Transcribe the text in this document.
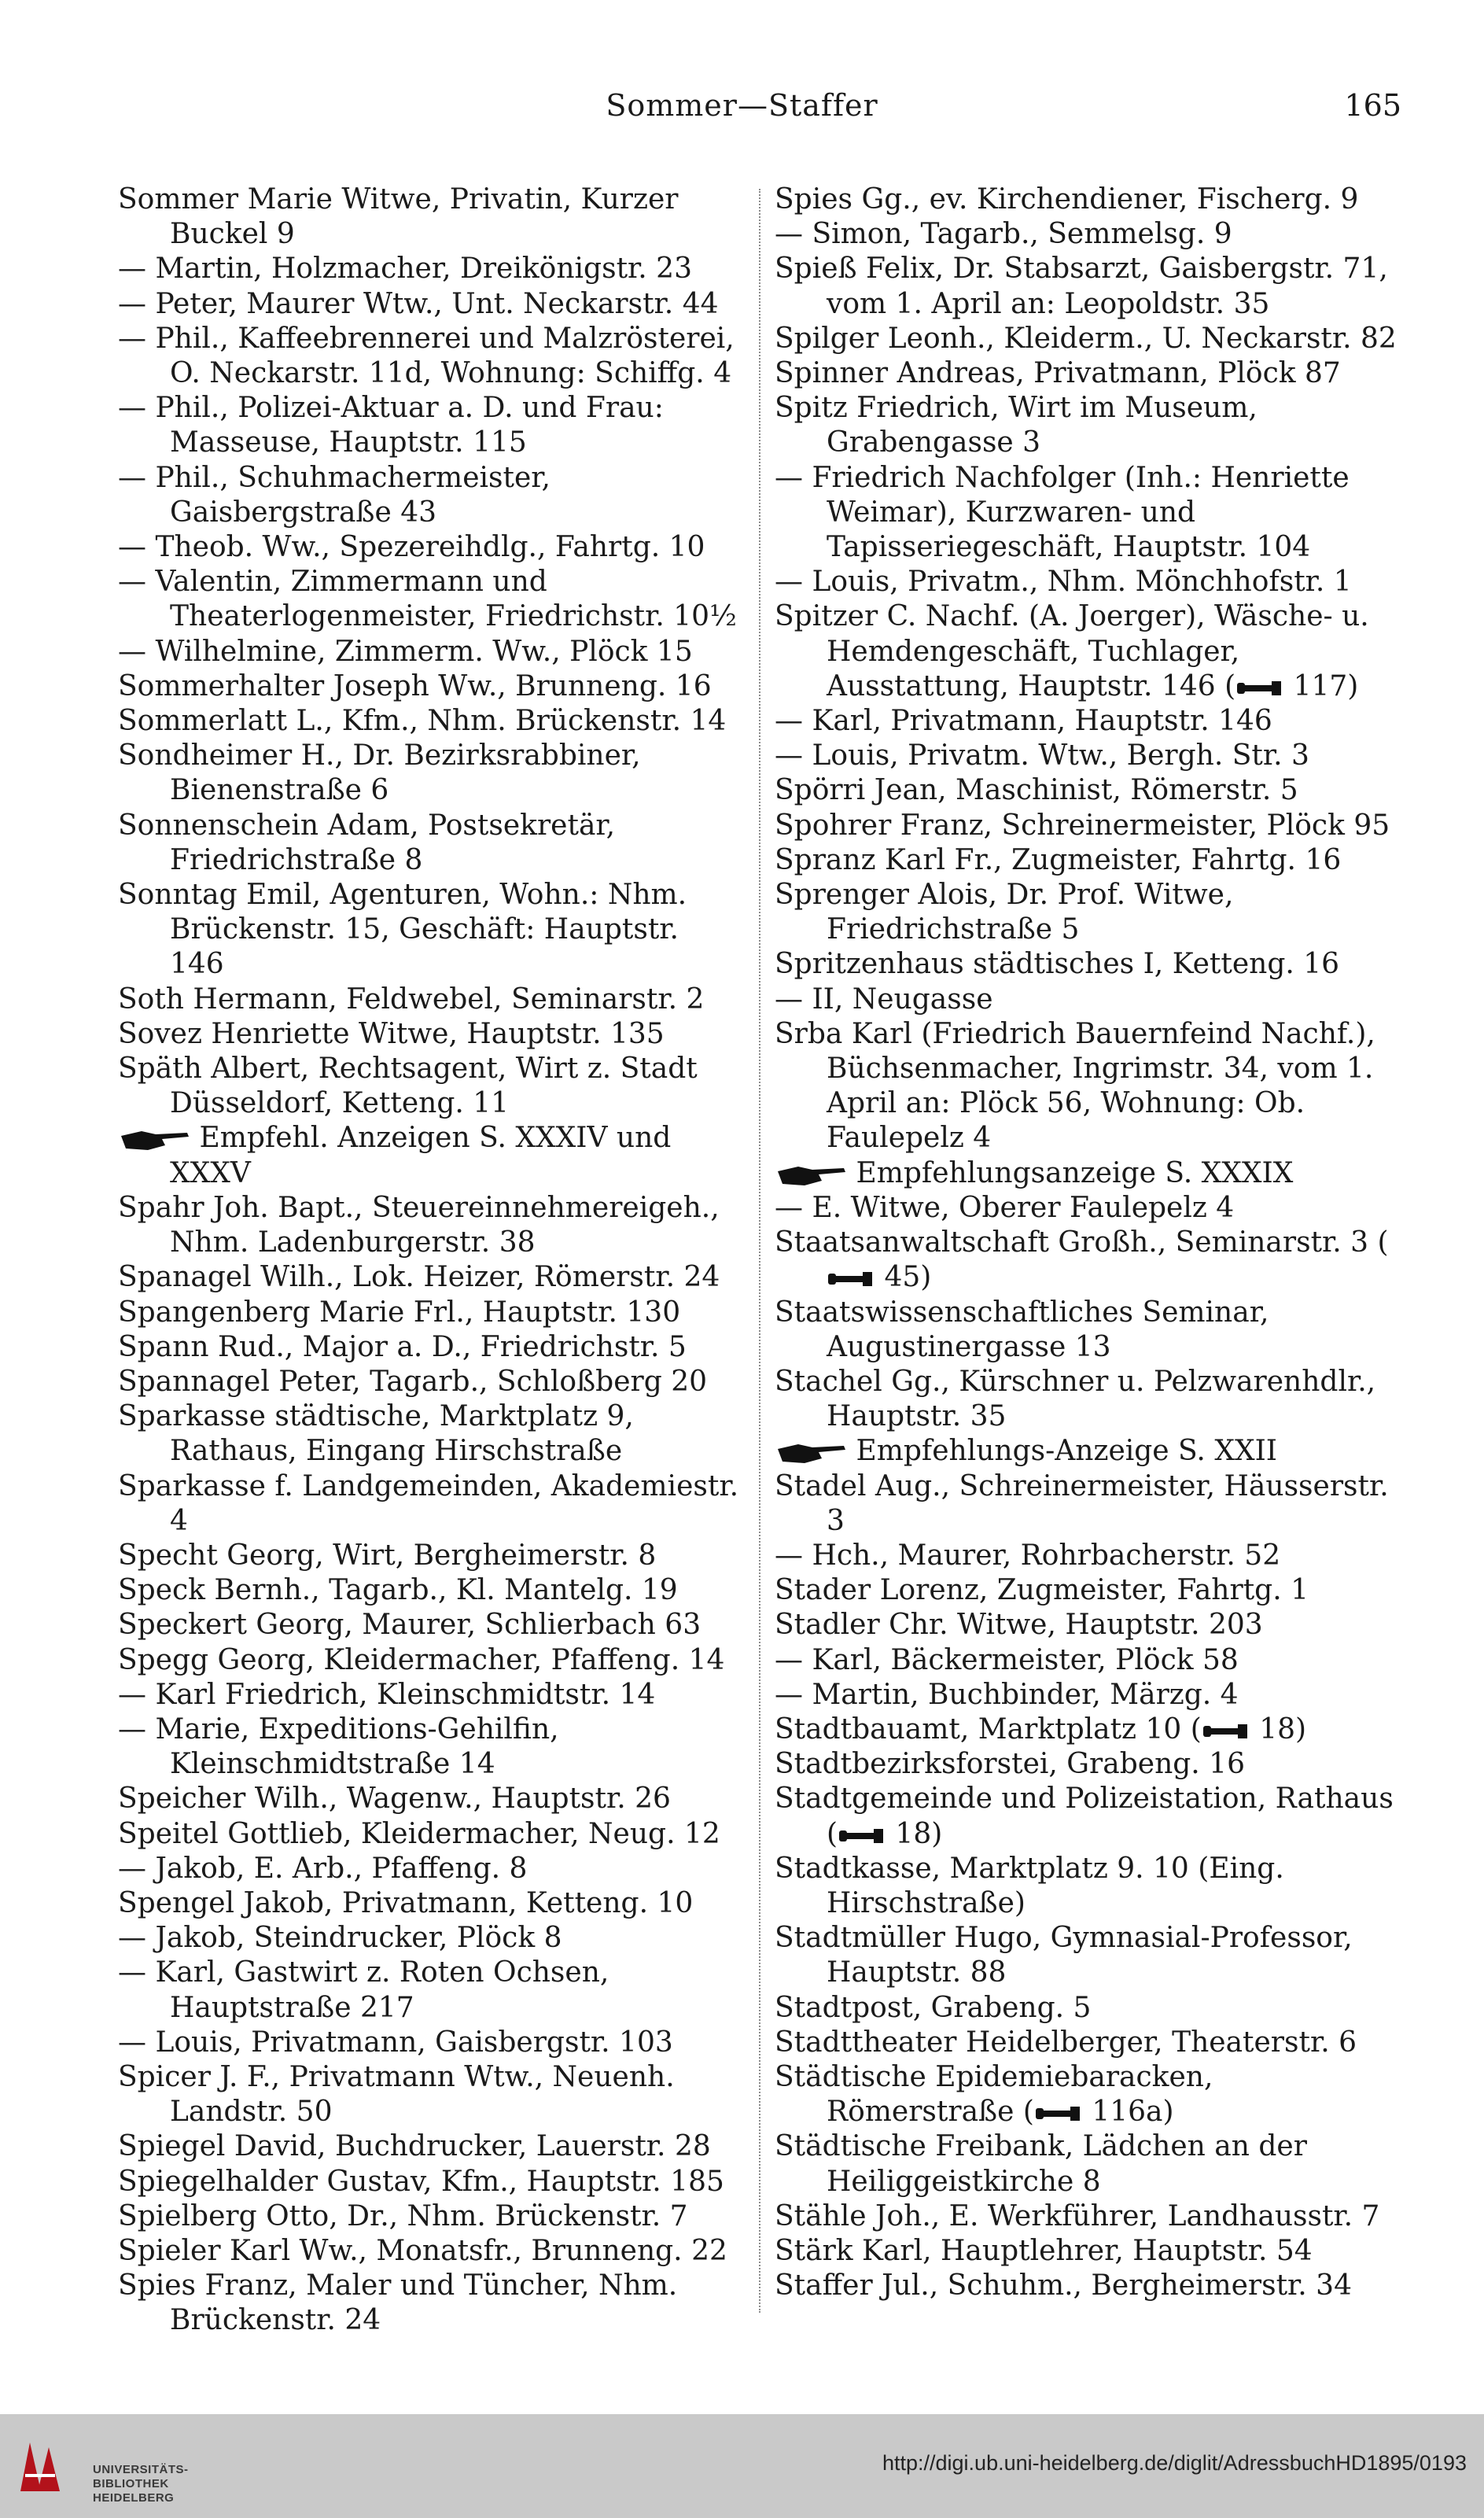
Sommer—Staffer	165

Sommer Marie Witwe, Privatin, Kurzer Buckel 9

— Martin, Holzmacher, Dreikönigstr. 23

— Peter, Maurer Wtw., Unt. Neckarstr. 44

— Phil., Kaffeebrennerei und Malzrösterei, O. Neckarstr. 11d, Wohnung: Schiffg. 4

— Phil., Polizei-Aktuar a. D. und Frau: Masseuse, Hauptstr. 115

— Phil., Schuhmachermeister, Gaisbergstraße 43

— Theob. Ww., Spezereihdlg., Fahrtg. 10

— Valentin, Zimmermann und Theaterlogenmeister, Friedrichstr. 10½

— Wilhelmine, Zimmerm. Ww., Plöck 15

Sommerhalter Joseph Ww., Brunneng. 16

Sommerlatt L., Kfm., Nhm. Brückenstr. 14

Sondheimer H., Dr. Bezirksrabbiner, Bienenstraße 6

Sonnenschein Adam, Postsekretär, Friedrichstraße 8

Sonntag Emil, Agenturen, Wohn.: Nhm. Brückenstr. 15, Geschäft: Hauptstr. 146

Soth Hermann, Feldwebel, Seminarstr. 2

Sovez Henriette Witwe, Hauptstr. 135

Späth Albert, Rechtsagent, Wirt z. Stadt Düsseldorf, Ketteng. 11

Empfehl. Anzeigen S. XXXIV und XXXV

Spahr Joh. Bapt., Steuereinnehmereigeh., Nhm. Ladenburgerstr. 38

Spanagel Wilh., Lok. Heizer, Römerstr. 24

Spangenberg Marie Frl., Hauptstr. 130

Spann Rud., Major a. D., Friedrichstr. 5

Spannagel Peter, Tagarb., Schloßberg 20

Sparkasse städtische, Marktplatz 9, Rathaus, Eingang Hirschstraße

Sparkasse f. Landgemeinden, Akademiestr. 4

Specht Georg, Wirt, Bergheimerstr. 8

Speck Bernh., Tagarb., Kl. Mantelg. 19

Speckert Georg, Maurer, Schlierbach 63

Spegg Georg, Kleidermacher, Pfaffeng. 14

— Karl Friedrich, Kleinschmidtstr. 14

— Marie, Expeditions-Gehilfin, Kleinschmidtstraße 14

Speicher Wilh., Wagenw., Hauptstr. 26

Speitel Gottlieb, Kleidermacher, Neug. 12

— Jakob, E. Arb., Pfaffeng. 8

Spengel Jakob, Privatmann, Ketteng. 10

— Jakob, Steindrucker, Plöck 8

— Karl, Gastwirt z. Roten Ochsen, Hauptstraße 217

— Louis, Privatmann, Gaisbergstr. 103

Spicer J. F., Privatmann Wtw., Neuenh. Landstr. 50

Spiegel David, Buchdrucker, Lauerstr. 28

Spiegelhalder Gustav, Kfm., Hauptstr. 185

Spielberg Otto, Dr., Nhm. Brückenstr. 7

Spieler Karl Ww., Monatsfr., Brunneng. 22

Spies Franz, Maler und Tüncher, Nhm. Brückenstr. 24

Spies Gg., ev. Kirchendiener, Fischerg. 9

— Simon, Tagarb., Semmelsg. 9

Spieß Felix, Dr. Stabsarzt, Gaisbergstr. 71, vom 1. April an: Leopoldstr. 35

Spilger Leonh., Kleiderm., U. Neckarstr. 82

Spinner Andreas, Privatmann, Plöck 87

Spitz Friedrich, Wirt im Museum, Grabengasse 3

— Friedrich Nachfolger (Inh.: Henriette Weimar), Kurzwaren- und Tapisseriegeschäft, Hauptstr. 104

— Louis, Privatm., Nhm. Mönchhofstr. 1

Spitzer C. Nachf. (A. Joerger), Wäsche- u. Hemdengeschäft, Tuchlager, Ausstattung, Hauptstr. 146 ( 117)

— Karl, Privatmann, Hauptstr. 146

— Louis, Privatm. Wtw., Bergh. Str. 3

Spörri Jean, Maschinist, Römerstr. 5

Spohrer Franz, Schreinermeister, Plöck 95

Spranz Karl Fr., Zugmeister, Fahrtg. 16

Sprenger Alois, Dr. Prof. Witwe, Friedrichstraße 5

Spritzenhaus städtisches I, Ketteng. 16

— II, Neugasse

Srba Karl (Friedrich Bauernfeind Nachf.), Büchsenmacher, Ingrimstr. 34, vom 1. April an: Plöck 56, Wohnung: Ob. Faulepelz 4

Empfehlungsanzeige S. XXXIX

— E. Witwe, Oberer Faulepelz 4

Staatsanwaltschaft Großh., Seminarstr. 3 ( 45)

Staatswissenschaftliches Seminar, Augustinergasse 13

Stachel Gg., Kürschner u. Pelzwarenhdlr., Hauptstr. 35

Empfehlungs-Anzeige S. XXII

Stadel Aug., Schreinermeister, Häusserstr. 3

— Hch., Maurer, Rohrbacherstr. 52

Stader Lorenz, Zugmeister, Fahrtg. 1

Stadler Chr. Witwe, Hauptstr. 203

— Karl, Bäckermeister, Plöck 58

— Martin, Buchbinder, Märzg. 4

Stadtbauamt, Marktplatz 10 ( 18)

Stadtbezirksforstei, Grabeng. 16

Stadtgemeinde und Polizeistation, Rathaus ( 18)

Stadtkasse, Marktplatz 9. 10 (Eing. Hirschstraße)

Stadtmüller Hugo, Gymnasial-Professor, Hauptstr. 88

Stadtpost, Grabeng. 5

Stadttheater Heidelberger, Theaterstr. 6

Städtische Epidemiebaracken, Römerstraße ( 116a)

Städtische Freibank, Lädchen an der Heiliggeistkirche 8

Stähle Joh., E. Werkführer, Landhausstr. 7

Stärk Karl, Hauptlehrer, Hauptstr. 54

Staffer Jul., Schuhm., Bergheimerstr. 34

UNIVERSITÄTS-
BIBLIOTHEK
HEIDELBERG
http://digi.ub.uni-heidelberg.de/diglit/AdressbuchHD1895/0193
